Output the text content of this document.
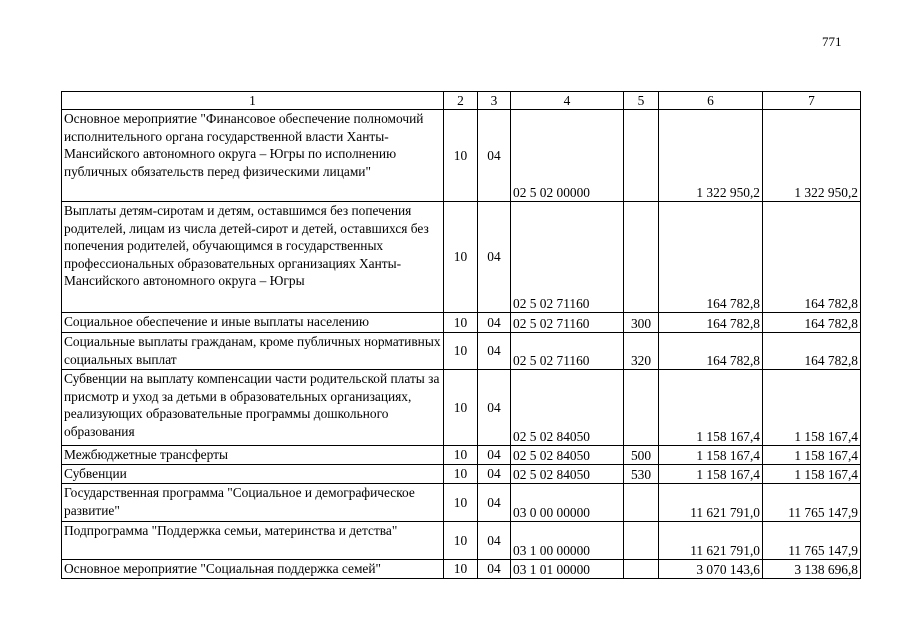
771
1	2	3	4	5	6	7
Основное мероприятие "Финансовое обеспечение полномочий исполнительного органа государственной власти Ханты-Мансийского автономного округа – Югры по исполнению публичных обязательств перед физическими лицами"	10	04	02 5 02 00000		1 322 950,2	1 322 950,2
Выплаты детям-сиротам и детям, оставшимся без попечения родителей, лицам из числа детей-сирот и детей, оставшихся без попечения родителей, обучающимся в государственных профессиональных образовательных организациях Ханты-Мансийского автономного округа – Югры	10	04	02 5 02 71160		164 782,8	164 782,8
Социальное обеспечение и иные выплаты населению	10	04	02 5 02 71160	300	164 782,8	164 782,8
Социальные выплаты гражданам, кроме публичных нормативных социальных выплат	10	04	02 5 02 71160	320	164 782,8	164 782,8
Субвенции на выплату компенсации части родительской платы за присмотр и уход за детьми в образовательных организациях, реализующих образовательные программы дошкольного образования	10	04	02 5 02 84050		1 158 167,4	1 158 167,4
Межбюджетные трансферты	10	04	02 5 02 84050	500	1 158 167,4	1 158 167,4
Субвенции	10	04	02 5 02 84050	530	1 158 167,4	1 158 167,4
Государственная программа "Социальное и демографическое развитие"	10	04	03 0 00 00000		11 621 791,0	11 765 147,9
Подпрограмма "Поддержка семьи, материнства и детства"	10	04	03 1 00 00000		11 621 791,0	11 765 147,9
Основное мероприятие "Социальная поддержка семей"	10	04	03 1 01 00000		3 070 143,6	3 138 696,8
